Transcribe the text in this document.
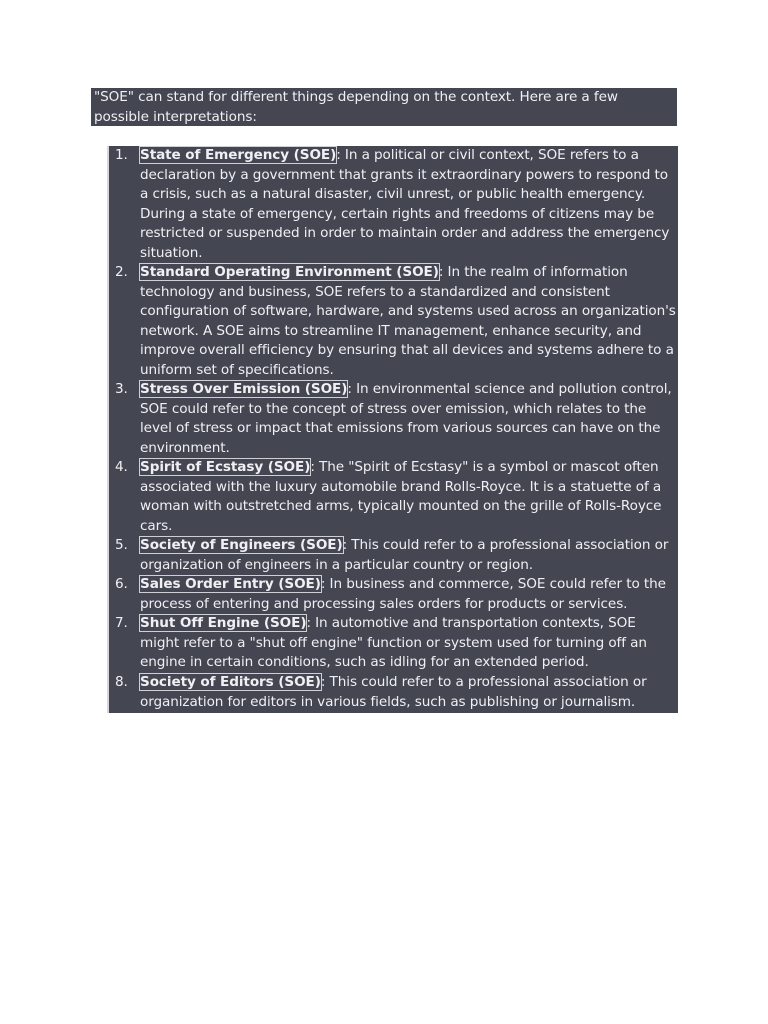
"SOE" can stand for different things depending on the context. Here are a few possible interpretations:
1. State of Emergency (SOE): In a political or civil context, SOE refers to a declaration by a government that grants it extraordinary powers to respond to a crisis, such as a natural disaster, civil unrest, or public health emergency. During a state of emergency, certain rights and freedoms of citizens may be restricted or suspended in order to maintain order and address the emergency situation.
2. Standard Operating Environment (SOE): In the realm of information technology and business, SOE refers to a standardized and consistent configuration of software, hardware, and systems used across an organization's network. A SOE aims to streamline IT management, enhance security, and improve overall efficiency by ensuring that all devices and systems adhere to a uniform set of specifications.
3. Stress Over Emission (SOE): In environmental science and pollution control, SOE could refer to the concept of stress over emission, which relates to the level of stress or impact that emissions from various sources can have on the environment.
4. Spirit of Ecstasy (SOE): The "Spirit of Ecstasy" is a symbol or mascot often associated with the luxury automobile brand Rolls-Royce. It is a statuette of a woman with outstretched arms, typically mounted on the grille of Rolls-Royce cars.
5. Society of Engineers (SOE): This could refer to a professional association or organization of engineers in a particular country or region.
6. Sales Order Entry (SOE): In business and commerce, SOE could refer to the process of entering and processing sales orders for products or services.
7. Shut Off Engine (SOE): In automotive and transportation contexts, SOE might refer to a "shut off engine" function or system used for turning off an engine in certain conditions, such as idling for an extended period.
8. Society of Editors (SOE): This could refer to a professional association or organization for editors in various fields, such as publishing or journalism.
